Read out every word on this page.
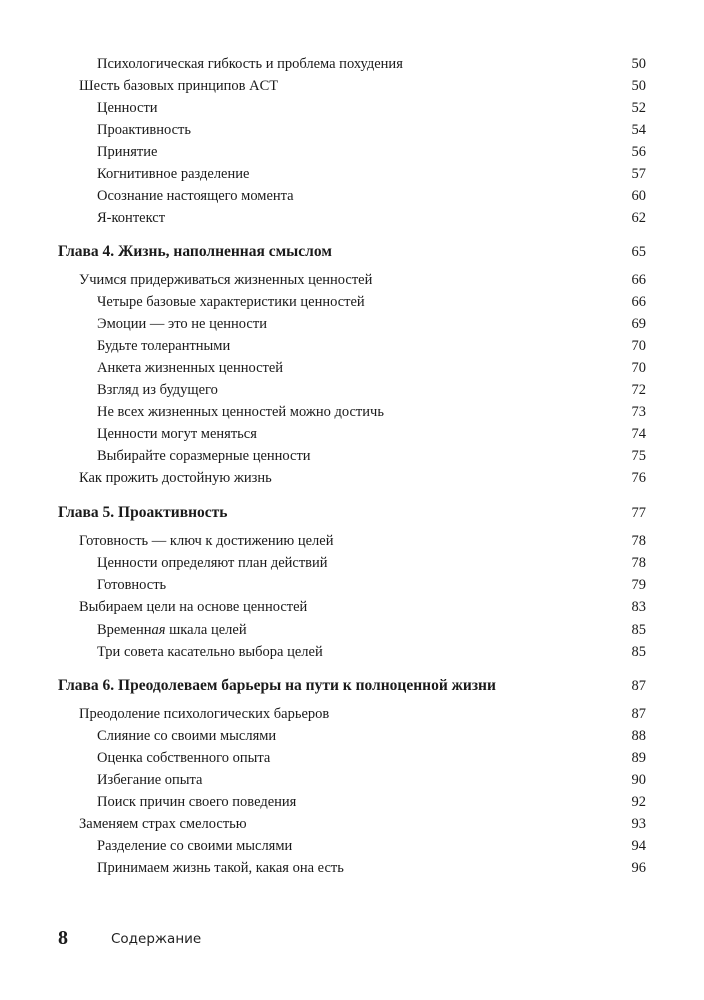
Психологическая гибкость и проблема похудения	50
Шесть базовых принципов ACT	50
Ценности	52
Проактивность	54
Принятие	56
Когнитивное разделение	57
Осознание настоящего момента	60
Я-контекст	62
Глава 4. Жизнь, наполненная смыслом	65
Учимся придерживаться жизненных ценностей	66
Четыре базовые характеристики ценностей	66
Эмоции — это не ценности	69
Будьте толерантными	70
Анкета жизненных ценностей	70
Взгляд из будущего	72
Не всех жизненных ценностей можно достичь	73
Ценности могут меняться	74
Выбирайте соразмерные ценности	75
Как прожить достойную жизнь	76
Глава 5. Проактивность	77
Готовность — ключ к достижению целей	78
Ценности определяют план действий	78
Готовность	79
Выбираем цели на основе ценностей	83
Временная шкала целей	85
Три совета касательно выбора целей	85
Глава 6. Преодолеваем барьеры на пути к полноценной жизни	87
Преодоление психологических барьеров	87
Слияние со своими мыслями	88
Оценка собственного опыта	89
Избегание опыта	90
Поиск причин своего поведения	92
Заменяем страх смелостью	93
Разделение со своими мыслями	94
Принимаем жизнь такой, какая она есть	96
8	Содержание
